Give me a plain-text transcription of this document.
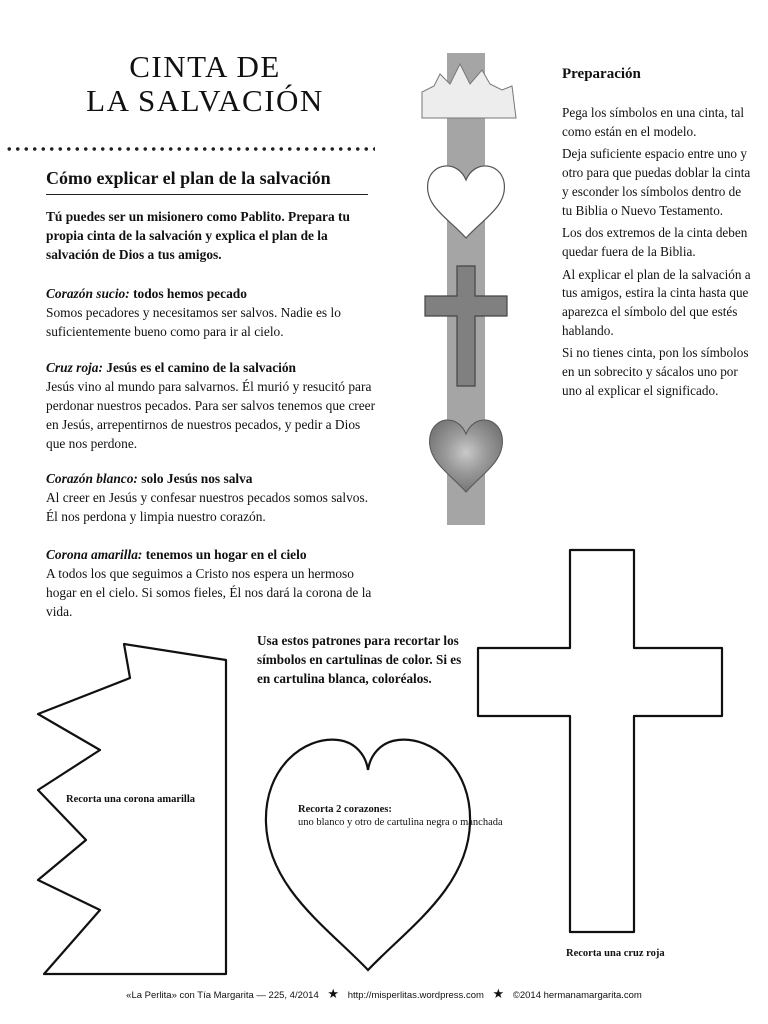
CINTA DE
LA SALVACIÓN
Cómo explicar el plan de la salvación
Tú puedes ser un misionero como Pablito. Prepara tu propia cinta de la salvación y explica el plan de la salvación de Dios a tus amigos.
Corazón sucio: todos hemos pecado
Somos pecadores y necesitamos ser salvos. Nadie es lo suficientemente bueno como para ir al cielo.
Cruz roja: Jesús es el camino de la salvación
Jesús vino al mundo para salvarnos. Él murió y resucitó para perdonar nuestros pecados. Para ser salvos tenemos que creer en Jesús, arrepentirnos de nuestros pecados, y pedir a Dios que nos perdone.
Corazón blanco: solo Jesús nos salva
Al creer en Jesús y confesar nuestros pecados somos salvos. Él nos perdona y limpia nuestro corazón.
Corona amarilla: tenemos un hogar en el cielo
A todos los que seguimos a Cristo nos espera un hermoso hogar en el cielo. Si somos fieles, Él nos dará la corona de la vida.
Preparación

Pega los símbolos en una cinta, tal como están en el modelo.

Deja suficiente espacio entre uno y otro para que puedas doblar la cinta y esconder los símbolos dentro de tu Biblia o Nuevo Testamento.

Los dos extremos de la cinta deben quedar fuera de la Biblia.

Al explicar el plan de la salvación a tus amigos, estira la cinta hasta que aparezca el símbolo del que estés hablando.

Si no tienes cinta, pon los símbolos en un sobrecito y sácalos uno por uno al explicar el significado.

Usa estos patrones para recortar los símbolos en cartulinas de color. Si es en cartulina blanca, coloréalos.
Recorta una corona amarilla
Recorta 2 corazones:
uno blanco y otro de cartulina negra o manchada
Recorta una cruz roja
«La Perlita» con Tía Margarita — 225, 4/2014 ★ http://misperlitas.wordpress.com ★ ©2014 hermanamargarita.com
